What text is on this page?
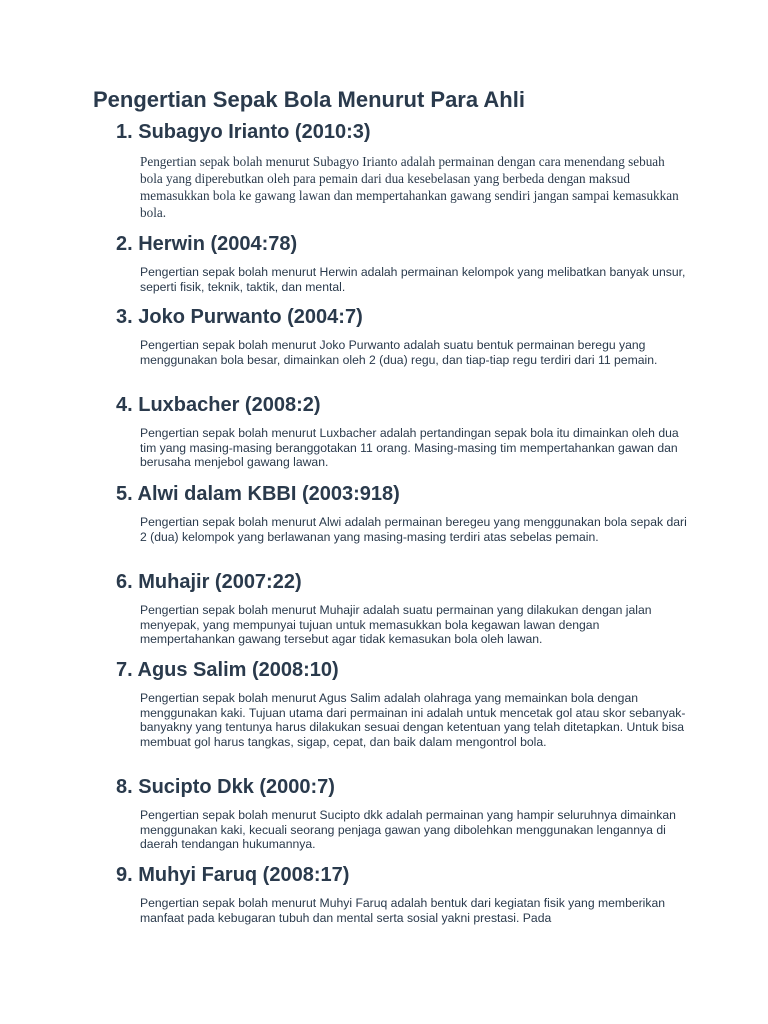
Pengertian Sepak Bola Menurut Para Ahli
1. Subagyo Irianto (2010:3)

Pengertian sepak bolah menurut Subagyo Irianto adalah permainan dengan cara menendang sebuah bola yang diperebutkan oleh para pemain dari dua kesebelasan yang berbeda dengan maksud memasukkan bola ke gawang lawan dan mempertahankan gawang sendiri jangan sampai kemasukkan bola.

2. Herwin (2004:78)

Pengertian sepak bolah menurut Herwin adalah permainan kelompok yang melibatkan banyak unsur, seperti fisik, teknik, taktik, dan mental.

3. Joko Purwanto (2004:7)

Pengertian sepak bolah menurut Joko Purwanto adalah suatu bentuk permainan beregu yang menggunakan bola besar, dimainkan oleh 2 (dua) regu, dan tiap-tiap regu terdiri dari 11 pemain.

4. Luxbacher (2008:2)

Pengertian sepak bolah menurut Luxbacher adalah pertandingan sepak bola itu dimainkan oleh dua tim yang masing-masing beranggotakan 11 orang. Masing-masing tim mempertahankan gawan dan berusaha menjebol gawang lawan.

5. Alwi dalam KBBI (2003:918)

Pengertian sepak bolah menurut Alwi adalah permainan beregeu yang menggunakan bola sepak dari 2 (dua) kelompok yang berlawanan yang masing-masing terdiri atas sebelas pemain.

6. Muhajir (2007:22)

Pengertian sepak bolah menurut Muhajir adalah suatu permainan yang dilakukan dengan jalan menyepak, yang mempunyai tujuan untuk memasukkan bola kegawan lawan dengan mempertahankan gawang tersebut agar tidak kemasukan bola oleh lawan.

7. Agus Salim (2008:10)

Pengertian sepak bolah menurut Agus Salim adalah olahraga yang memainkan bola dengan menggunakan kaki. Tujuan utama dari permainan ini adalah untuk mencetak gol atau skor sebanyak-banyakny yang tentunya harus dilakukan sesuai dengan ketentuan yang telah ditetapkan. Untuk bisa membuat gol harus tangkas, sigap, cepat, dan baik dalam mengontrol bola.

8. Sucipto Dkk (2000:7)

Pengertian sepak bolah menurut Sucipto dkk adalah permainan yang hampir seluruhnya dimainkan menggunakan kaki, kecuali seorang penjaga gawan yang dibolehkan menggunakan lengannya di daerah tendangan hukumannya.

9. Muhyi Faruq (2008:17)

Pengertian sepak bolah menurut Muhyi Faruq adalah bentuk dari kegiatan fisik yang memberikan manfaat pada kebugaran tubuh dan mental serta sosial yakni prestasi. Pada
